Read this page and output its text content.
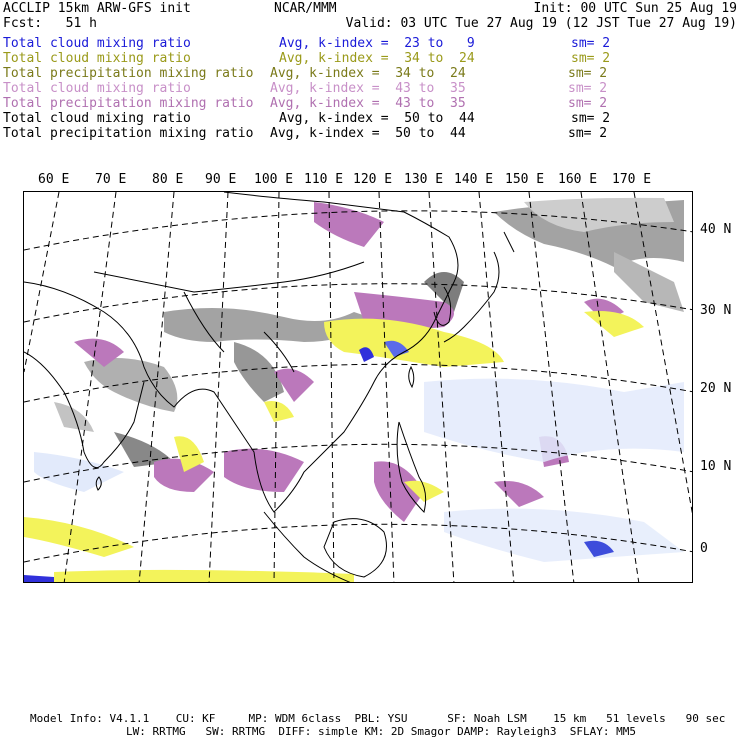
ACCLIP 15km ARW-GFS init	NCAR/MMM	Init: 00 UTC Sun 25 Aug 19
Fcst:   51 h	Valid: 03 UTC Tue 27 Aug 19 (12 JST Tue 27 Aug 19)
Total cloud mixing ratio	Avg, k-index =  23 to   9	sm= 2
Total cloud mixing ratio	Avg, k-index =  34 to  24	sm= 2
Total precipitation mixing ratio Avg, k-index =  34 to  24	sm= 2
Total cloud mixing ratio	Avg, k-index =  43 to  35	sm= 2
Total precipitation mixing ratio Avg, k-index =  43 to  35	sm= 2
Total cloud mixing ratio	Avg, k-index =  50 to  44	sm= 2
Total precipitation mixing ratio Avg, k-index =  50 to  44	sm= 2
60 E 70 E 80 E 90 E 100 E 110 E 120 E 130 E 140 E 150 E 160 E 170 E
40 N
30 N
20 N
10 N
0
Model Info: V4.1.1    CU: KF     MP: WDM 6class  PBL: YSU      SF: Noah LSM    15 km   51 levels   90 sec
LW: RRTMG   SW: RRTMG  DIFF: simple KM: 2D Smagor DAMP: Rayleigh3  SFLAY: MM5
